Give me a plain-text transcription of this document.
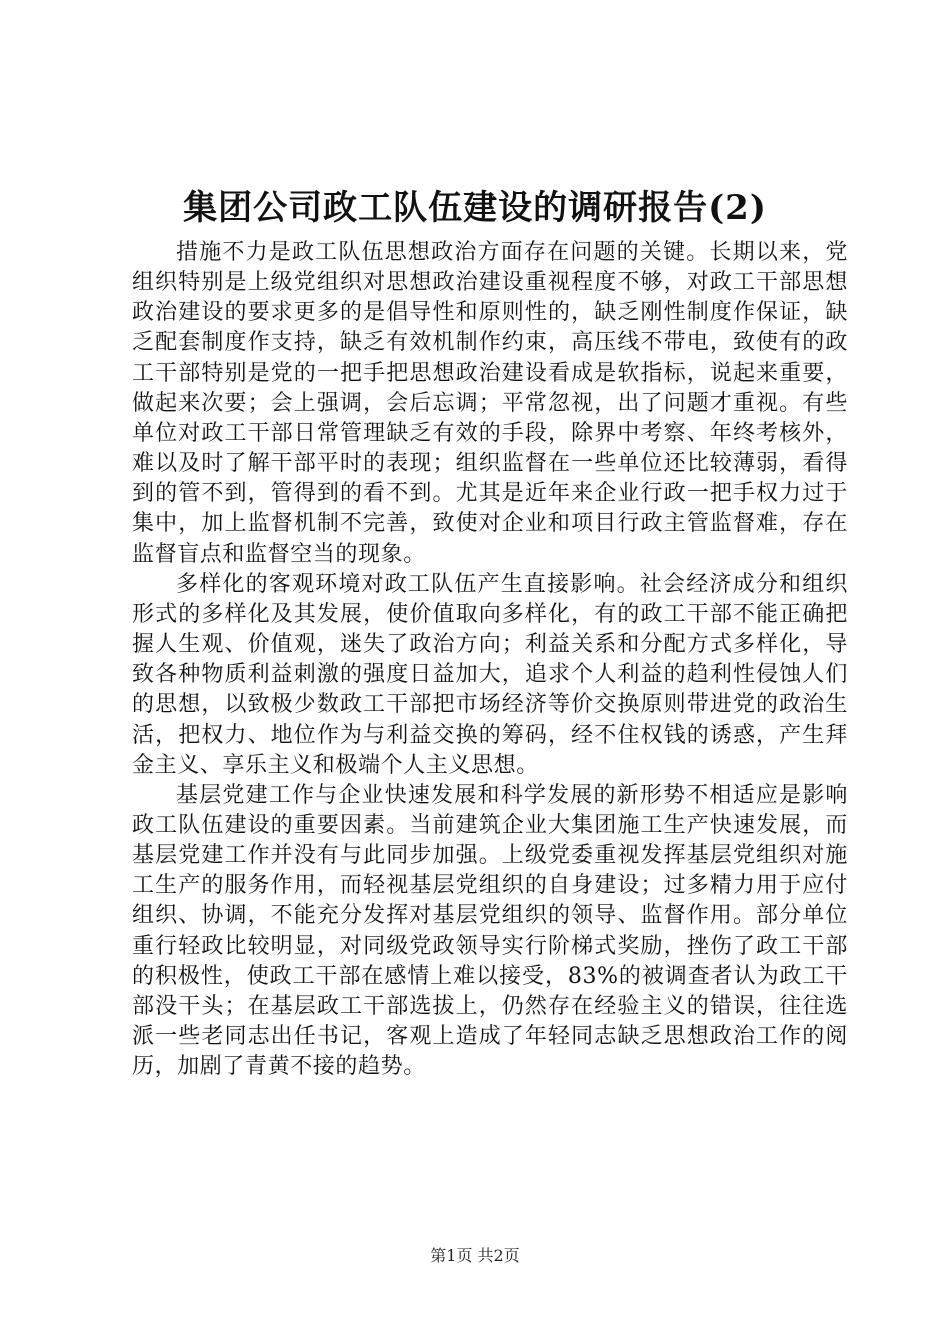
集团公司政工队伍建设的调研报告(2)

措施不力是政工队伍思想政治方面存在问题的关键。长期以来，党组织特别是上级党组织对思想政治建设重视程度不够，对政工干部思想政治建设的要求更多的是倡导性和原则性的，缺乏刚性制度作保证，缺乏配套制度作支持，缺乏有效机制作约束，高压线不带电，致使有的政工干部特别是党的一把手把思想政治建设看成是软指标，说起来重要，做起来次要；会上强调，会后忘调；平常忽视，出了问题才重视。有些单位对政工干部日常管理缺乏有效的手段，除界中考察、年终考核外，难以及时了解干部平时的表现；组织监督在一些单位还比较薄弱，看得到的管不到，管得到的看不到。尤其是近年来企业行政一把手权力过于集中，加上监督机制不完善，致使对企业和项目行政主管监督难，存在监督盲点和监督空当的现象。

多样化的客观环境对政工队伍产生直接影响。社会经济成分和组织形式的多样化及其发展，使价值取向多样化，有的政工干部不能正确把握人生观、价值观，迷失了政治方向；利益关系和分配方式多样化，导致各种物质利益刺激的强度日益加大，追求个人利益的趋利性侵蚀人们的思想，以致极少数政工干部把市场经济等价交换原则带进党的政治生活，把权力、地位作为与利益交换的筹码，经不住权钱的诱惑，产生拜金主义、享乐主义和极端个人主义思想。

基层党建工作与企业快速发展和科学发展的新形势不相适应是影响政工队伍建设的重要因素。当前建筑企业大集团施工生产快速发展，而基层党建工作并没有与此同步加强。上级党委重视发挥基层党组织对施工生产的服务作用，而轻视基层党组织的自身建设；过多精力用于应付组织、协调，不能充分发挥对基层党组织的领导、监督作用。部分单位重行轻政比较明显，对同级党政领导实行阶梯式奖励，挫伤了政工干部的积极性，使政工干部在感情上难以接受，83%的被调查者认为政工干部没干头；在基层政工干部选拔上，仍然存在经验主义的错误，往往选派一些老同志出任书记，客观上造成了年轻同志缺乏思想政治工作的阅历，加剧了青黄不接的趋势。

第1页 共2页
